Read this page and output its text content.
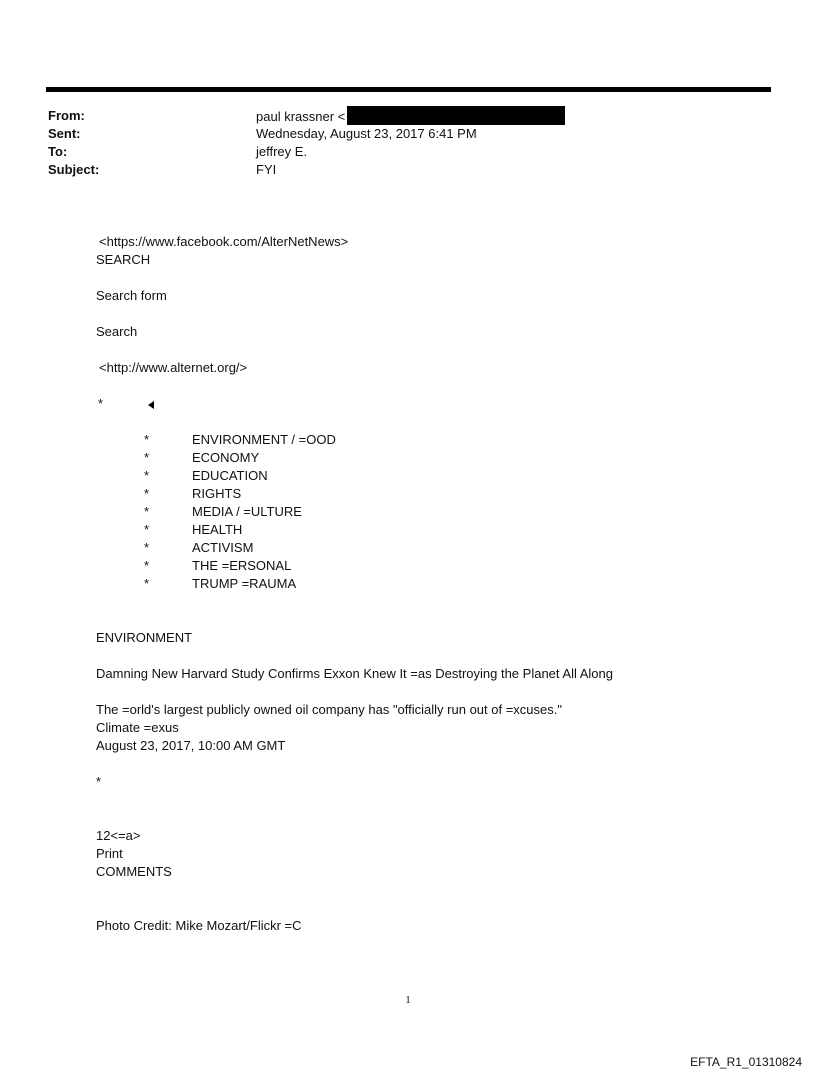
From:	paul krassner <
Sent:	Wednesday, August 23, 2017 6:41 PM
To:	jeffrey E.
Subject:	FYI
<https://www.facebook.com/AlterNetNews>
SEARCH
Search form
Search
<http://www.alternet.org/>
*
*	ENVIRONMENT / =OOD
*	ECONOMY
*	EDUCATION
*	RIGHTS
*	MEDIA / =ULTURE
*	HEALTH
*	ACTIVISM
*	THE =ERSONAL
*	TRUMP =RAUMA
ENVIRONMENT
Damning New Harvard Study Confirms Exxon Knew It =as Destroying the Planet All Along
The =orld's largest publicly owned oil company has "officially run out of =xcuses."
Climate =exus
August 23, 2017, 10:00 AM GMT
*
12<=a>
Print
COMMENTS
Photo Credit: Mike Mozart/Flickr =C
1
EFTA_R1_01310824
